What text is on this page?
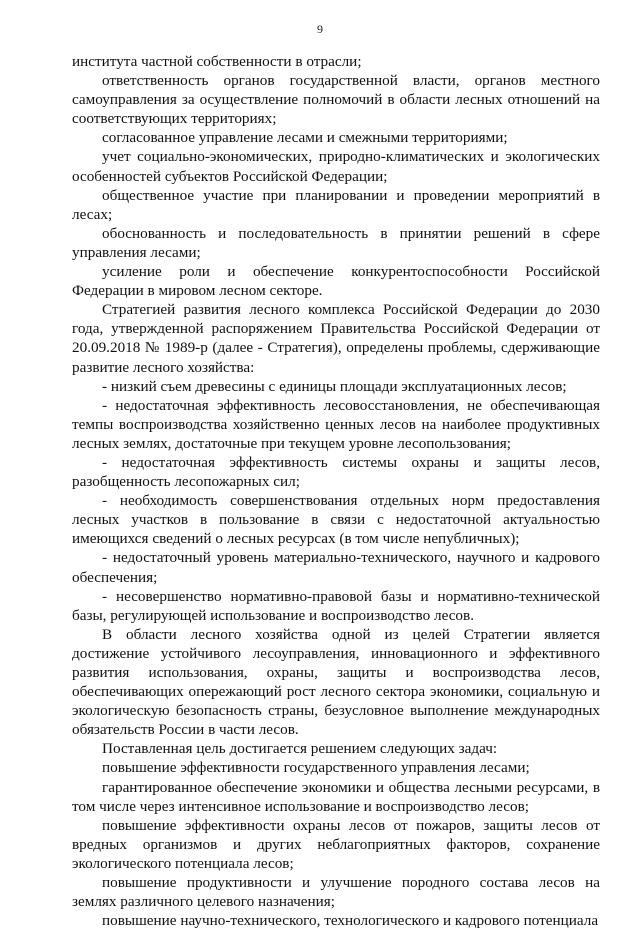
9

института частной собственности в отрасли;

ответственность органов государственной власти, органов местного самоуправления за осуществление полномочий в области лесных отношений на соответствующих территориях;

согласованное управление лесами и смежными территориями;

учет социально-экономических, природно-климатических и экологических особенностей субъектов Российской Федерации;

общественное участие при планировании и проведении мероприятий в лесах;

обоснованность и последовательность в принятии решений в сфере управления лесами;

усиление роли и обеспечение конкурентоспособности Российской Федерации в мировом лесном секторе.

Стратегией развития лесного комплекса Российской Федерации до 2030 года, утвержденной распоряжением Правительства Российской Федерации от 20.09.2018 № 1989-р (далее - Стратегия), определены проблемы, сдерживающие развитие лесного хозяйства:

- низкий съем древесины с единицы площади эксплуатационных лесов;

- недостаточная эффективность лесовосстановления, не обеспечивающая темпы воспроизводства хозяйственно ценных лесов на наиболее продуктивных лесных землях, достаточные при текущем уровне лесопользования;

- недостаточная эффективность системы охраны и защиты лесов, разобщенность лесопожарных сил;

- необходимость совершенствования отдельных норм предоставления лесных участков в пользование в связи с недостаточной актуальностью имеющихся сведений о лесных ресурсах (в том числе непубличных);

- недостаточный уровень материально-технического, научного и кадрового обеспечения;

- несовершенство нормативно-правовой базы и нормативно-технической базы, регулирующей использование и воспроизводство лесов.

В области лесного хозяйства одной из целей Стратегии является достижение устойчивого лесоуправления, инновационного и эффективного развития использования, охраны, защиты и воспроизводства лесов, обеспечивающих опережающий рост лесного сектора экономики, социальную и экологическую безопасность страны, безусловное выполнение международных обязательств России в части лесов.

Поставленная цель достигается решением следующих задач:

повышение эффективности государственного управления лесами;

гарантированное обеспечение экономики и общества лесными ресурсами, в том числе через интенсивное использование и воспроизводство лесов;

повышение эффективности охраны лесов от пожаров, защиты лесов от вредных организмов и других неблагоприятных факторов, сохранение экологического потенциала лесов;

повышение продуктивности и улучшение породного состава лесов на землях различного целевого назначения;

повышение научно-технического, технологического и кадрового потенциала
